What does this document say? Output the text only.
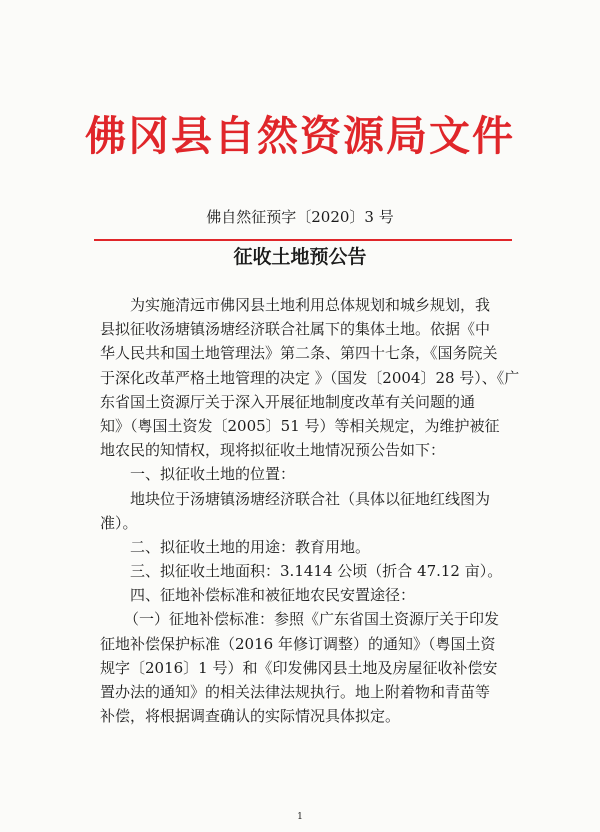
佛冈县自然资源局文件
佛自然征预字〔2020〕3 号
征收土地预公告
为实施清远市佛冈县土地利用总体规划和城乡规划，我
县拟征收汤塘镇汤塘经济联合社属下的集体土地。依据《中
华人民共和国土地管理法》第二条、第四十七条，《国务院关
于深化改革严格土地管理的决定 》（国发〔2004〕28 号）、《广
东省国土资源厅关于深入开展征地制度改革有关问题的通
知》（粤国土资发〔2005〕51 号）等相关规定，为维护被征
地农民的知情权，现将拟征收土地情况预公告如下：
一、拟征收土地的位置：
地块位于汤塘镇汤塘经济联合社（具体以征地红线图为
准）。
二、拟征收土地的用途：教育用地。
三、拟征收土地面积：3.1414 公顷（折合 47.12 亩）。
四、征地补偿标准和被征地农民安置途径：
（一）征地补偿标准：参照《广东省国土资源厅关于印发
征地补偿保护标准（2016 年修订调整）的通知》（粤国土资
规字〔2016〕1 号）和《印发佛冈县土地及房屋征收补偿安
置办法的通知》的相关法律法规执行。地上附着物和青苗等
补偿，将根据调查确认的实际情况具体拟定。
1
